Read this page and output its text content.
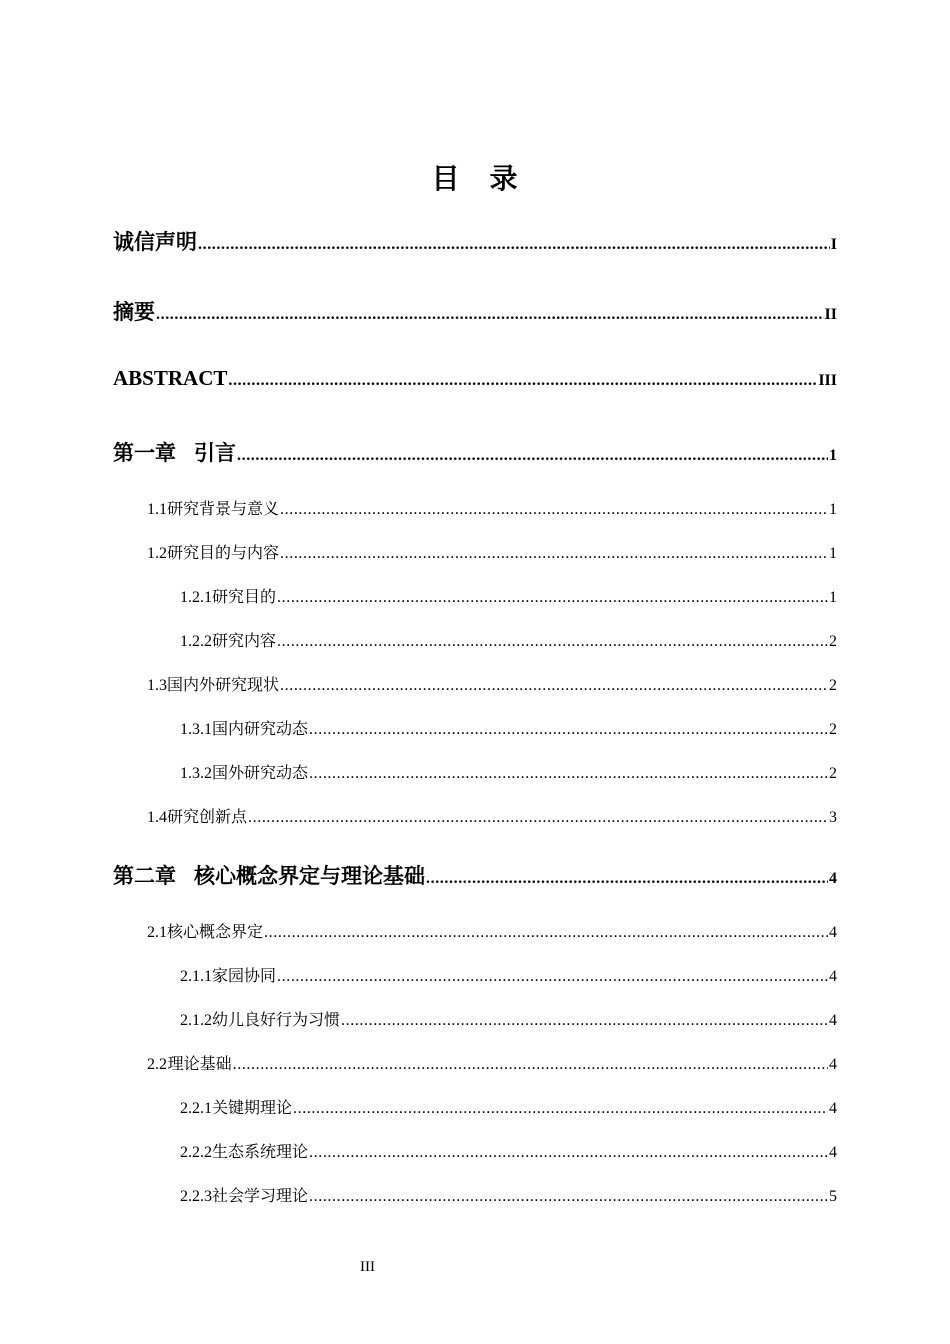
目　录
诚信声明 .....	I
摘要 .....	II
ABSTRACT .....	III
第一章 引言 .....	1
1.1 研究背景与意义 .....	1
1.2 研究目的与内容 .....	1
1.2.1 研究目的 .....	1
1.2.2 研究内容 .....	2
1.3 国内外研究现状 .....	2
1.3.1 国内研究动态 .....	2
1.3.2 国外研究动态 .....	2
1.4 研究创新点 .....	3
第二章 核心概念界定与理论基础 .....	4
2.1 核心概念界定 .....	4
2.1.1 家园协同 .....	4
2.1.2 幼儿良好行为习惯 .....	4
2.2 理论基础 .....	4
2.2.1 关键期理论 .....	4
2.2.2 生态系统理论 .....	4
2.2.3 社会学习理论 .....	5
III
